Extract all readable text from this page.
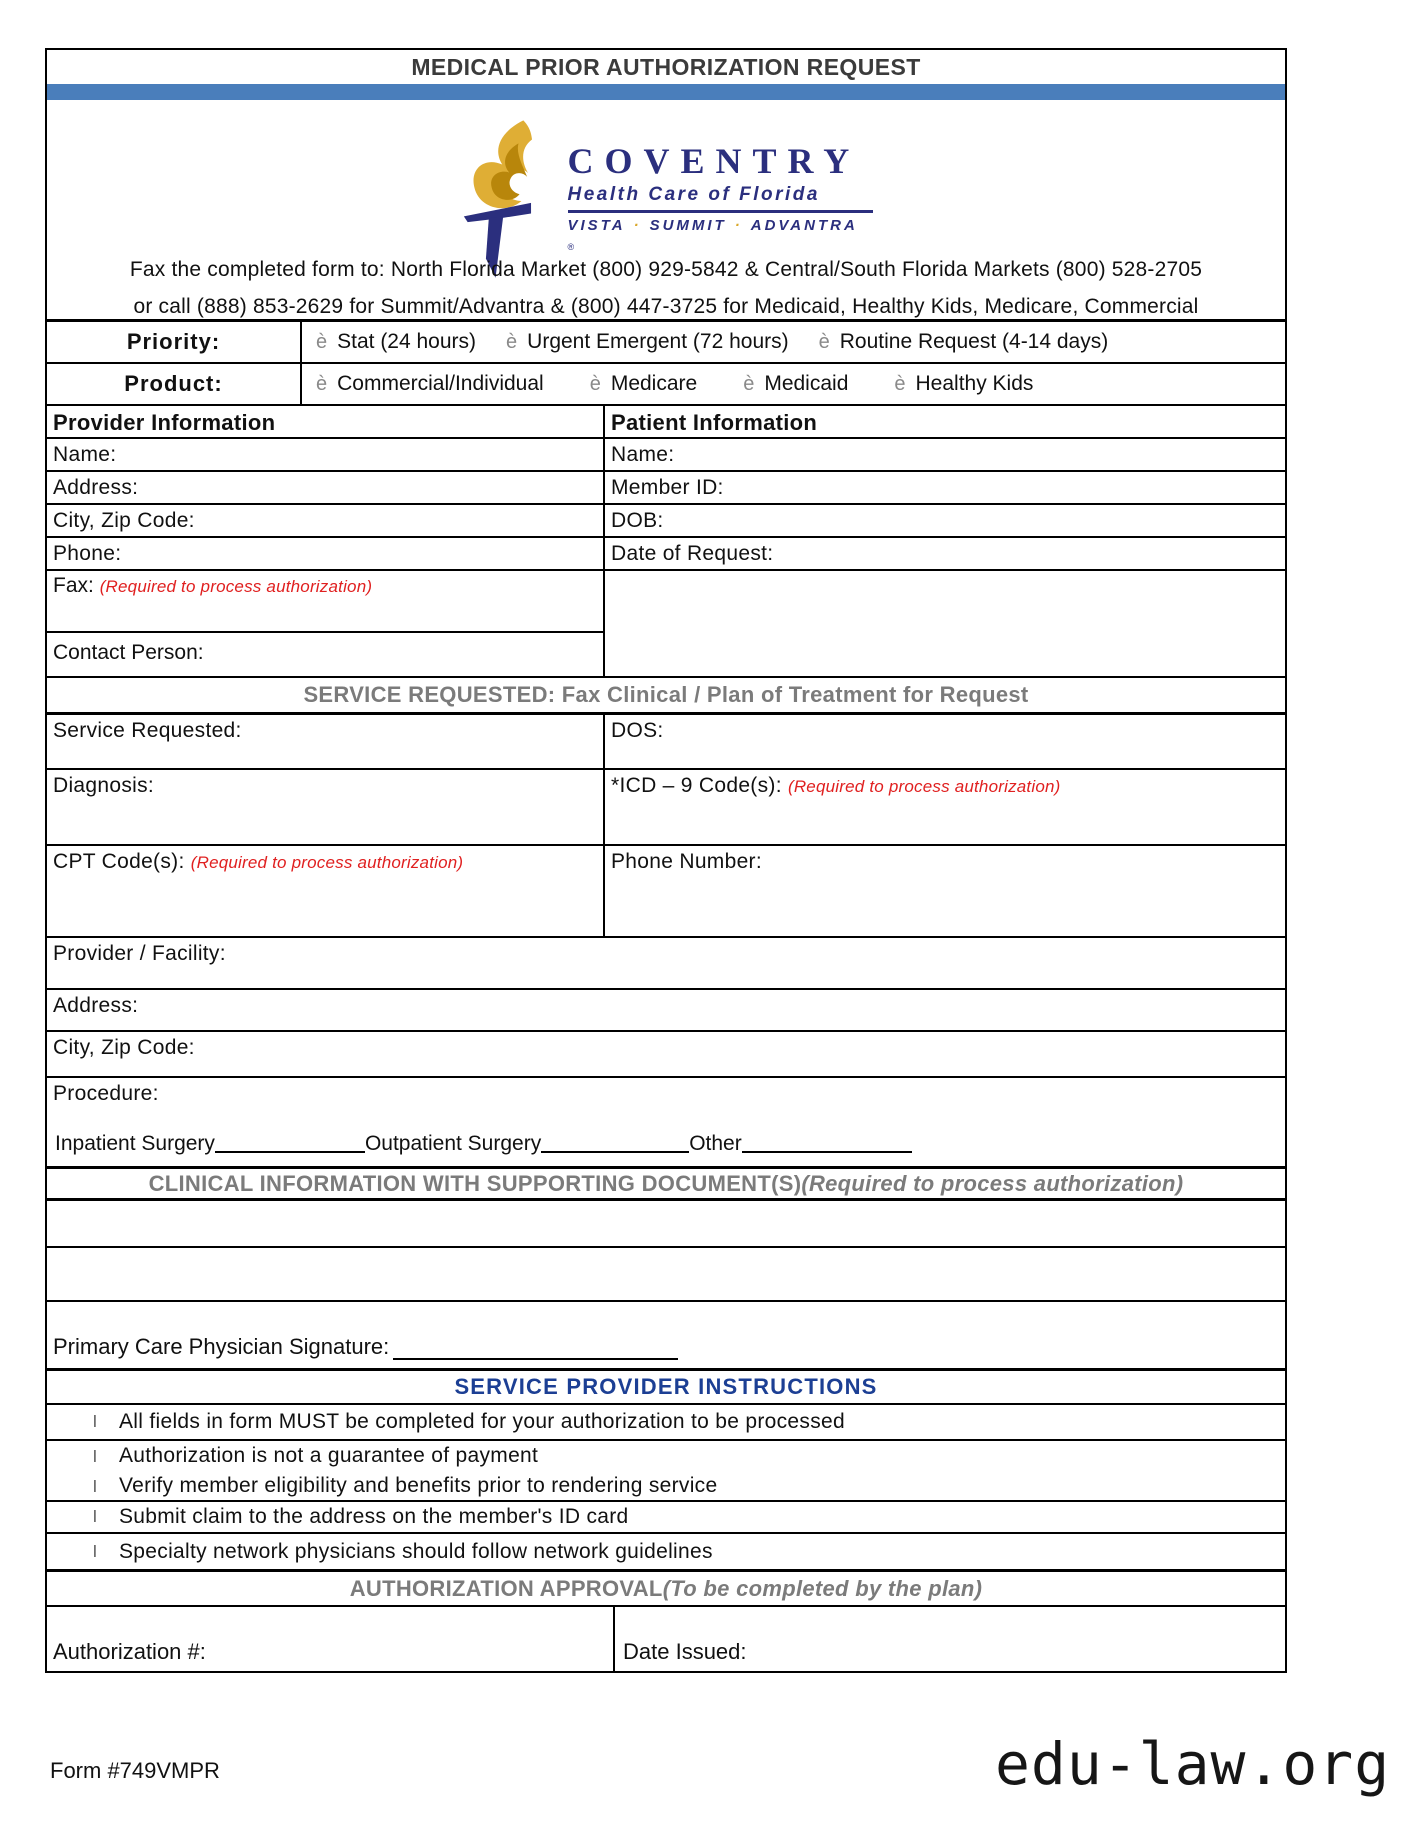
MEDICAL PRIOR AUTHORIZATION REQUEST
COVENTRY
Health Care of Florida
VISTA · SUMMIT · ADVANTRA
®
Fax the completed form to: North Florida Market (800) 929-5842 & Central/South Florida Markets (800) 528-2705
or call (888) 853-2629 for Summit/Advantra & (800) 447-3725 for Medicaid, Healthy Kids, Medicare, Commercial
Priority:	è Stat (24 hours) è Urgent Emergent (72 hours) è Routine Request (4-14 days)
Product:	è Commercial/Individual è Medicare è Medicaid è Healthy Kids
Provider Information	Patient Information
Name:	Name:
Address:	Member ID:
City, Zip Code:	DOB:
Phone:	Date of Request:
Fax: (Required to process authorization)
Contact Person:
SERVICE REQUESTED: Fax Clinical / Plan of Treatment for Request
Service Requested:	DOS:
Diagnosis:	*ICD – 9 Code(s): (Required to process authorization)
CPT Code(s): (Required to process authorization)	Phone Number:
Provider / Facility:
Address:
City, Zip Code:
Procedure:
Inpatient Surgery	Outpatient Surgery	Other
CLINICAL INFORMATION WITH SUPPORTING DOCUMENT(S)(Required to process authorization)
Primary Care Physician Signature:
SERVICE PROVIDER INSTRUCTIONS
l	All fields in form MUST be completed for your authorization to be processed
l	Authorization is not a guarantee of payment
l	Verify member eligibility and benefits prior to rendering service
l	Submit claim to the address on the member's ID card
l	Specialty network physicians should follow network guidelines
AUTHORIZATION APPROVAL(To be completed by the plan)
Authorization #:	Date Issued:
Form #749VMPR	edu-law.org
